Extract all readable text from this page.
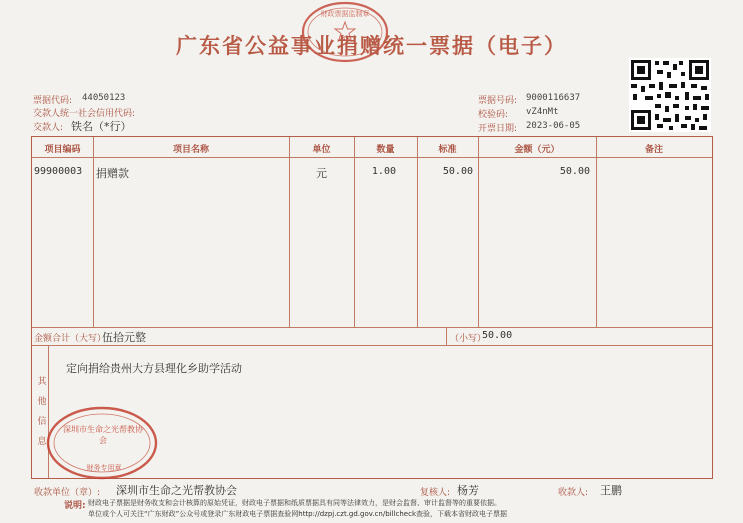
财政票据监制章
广东省公益事业捐赠统一票据（电子）
票据代码: 44050123
交款人统一社会信用代码:
交款人: 铁名（*行）
票据号码: 9000116637
校验码: vZ4nMt
开票日期: 2023-06-05
项目编码	项目名称	单位	数量	标准	金额（元）	备注
99900003 捐赠款	元	1.00	50.00	50.00
金额合计（大写）
伍拾元整	（小写）
50.00
其他信息
定向捐给贵州大方县理化乡助学活动
深圳市生命之光帮教协会
财务专用章
收款单位（章）: 深圳市生命之光帮教协会	复核人: 杨芳	收款人: 王鹏
说明: 财政电子票据是财务收支和会计核算的原始凭证，财政电子票据和纸质票据具有同等法律效力，是财会监督、审计监督等的重要依据。
单位或个人可关注“广东财政”公众号或登录广东财政电子票据查验网http://dzpj.czt.gd.gov.cn/billcheck查验，下载本省财政电子票据
